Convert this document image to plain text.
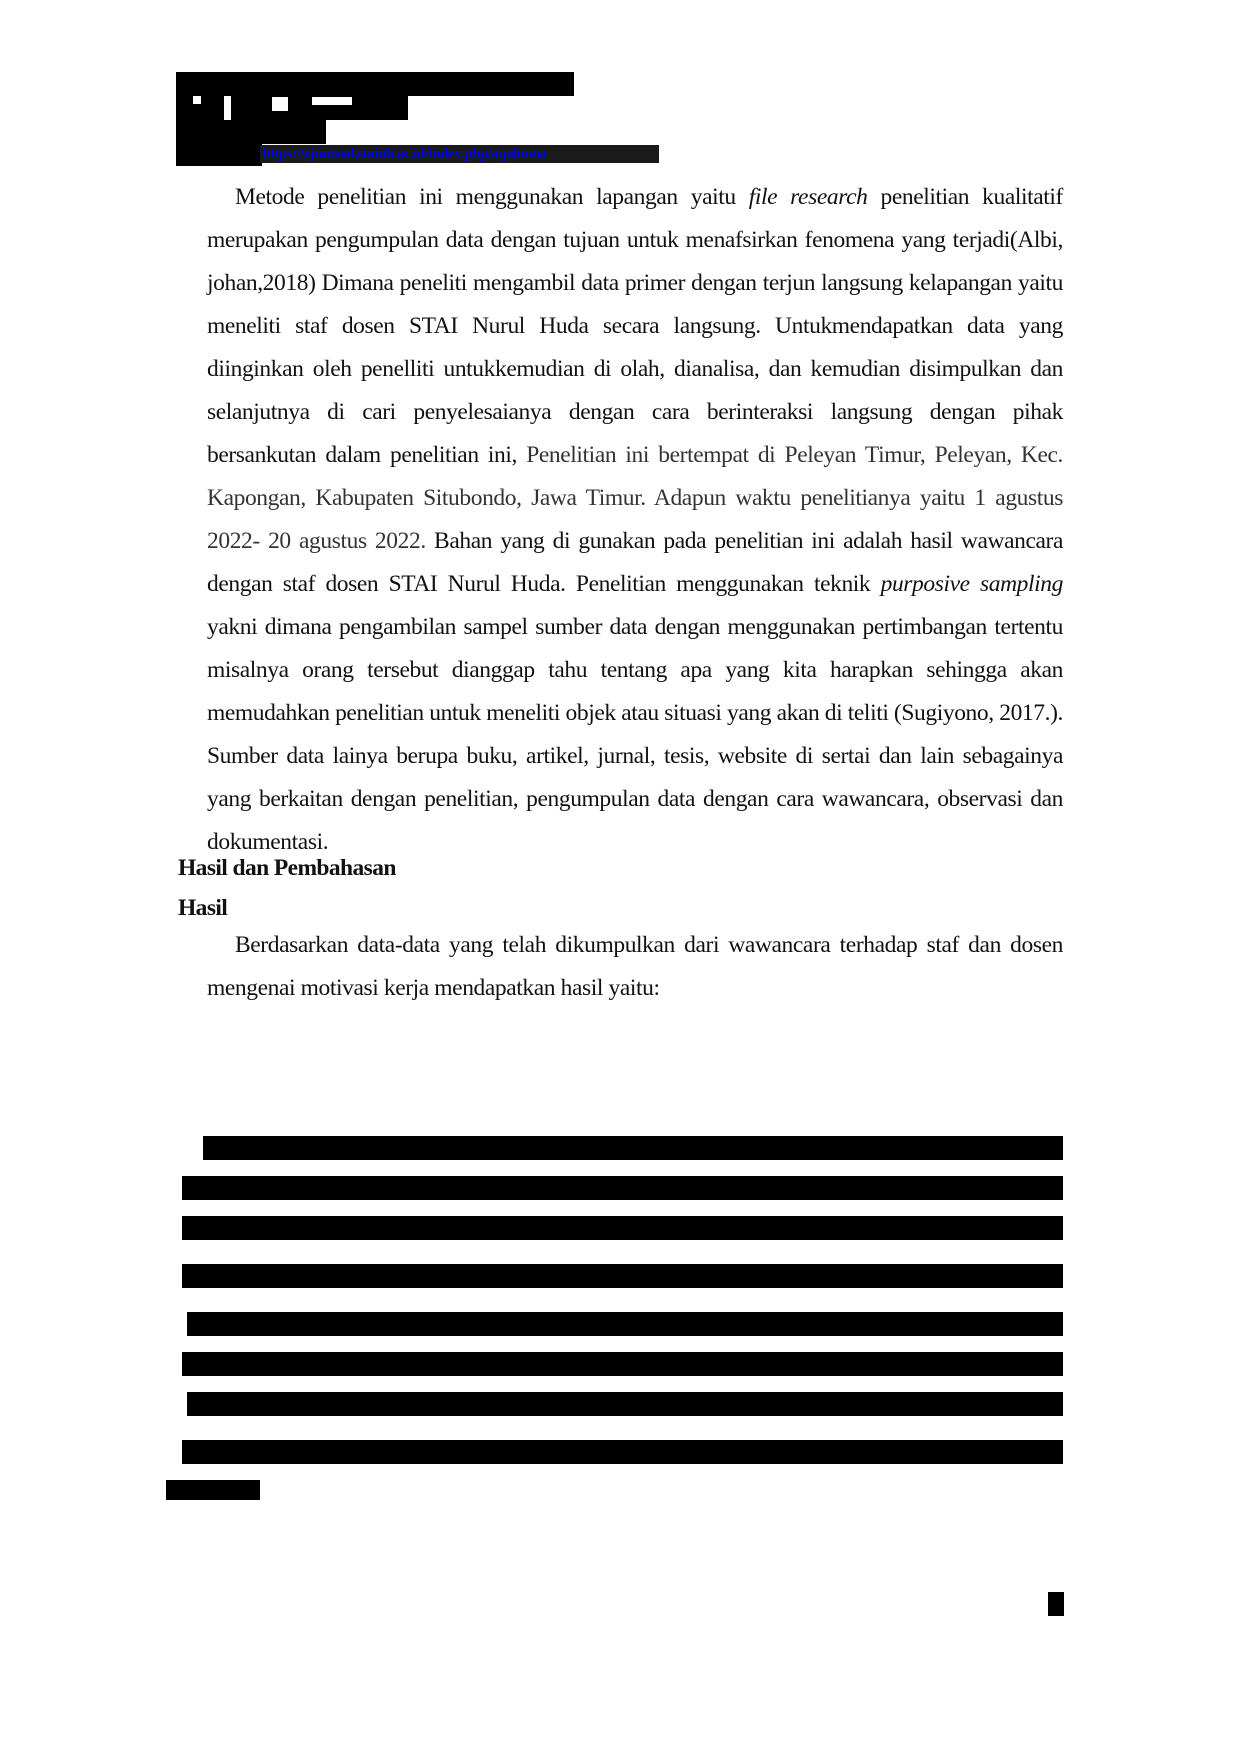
https://ejournal.staiuh.ac.id/index.php/aqalnona

Metode penelitian ini menggunakan lapangan yaitu file research penelitian kualitatif merupakan pengumpulan data dengan tujuan untuk menafsirkan fenomena yang terjadi(Albi, johan,2018) Dimana peneliti mengambil data primer dengan terjun langsung kelapangan yaitu meneliti staf dosen STAI Nurul Huda secara langsung. Untukmendapatkan data yang diinginkan oleh penelliti untukkemudian di olah, dianalisa, dan kemudian disimpulkan dan selanjutnya di cari penyelesaianya dengan cara berinteraksi langsung dengan pihak bersankutan dalam penelitian ini, Penelitian ini bertempat di Peleyan Timur, Peleyan, Kec. Kapongan, Kabupaten Situbondo, Jawa Timur. Adapun waktu penelitianya yaitu 1 agustus 2022- 20 agustus 2022. Bahan yang di gunakan pada penelitian ini adalah hasil wawancara dengan staf dosen STAI Nurul Huda. Penelitian menggunakan teknik purposive sampling yakni dimana pengambilan sampel sumber data dengan menggunakan pertimbangan tertentu misalnya orang tersebut dianggap tahu tentang apa yang kita harapkan sehingga akan memudahkan penelitian untuk meneliti objek atau situasi yang akan di teliti (Sugiyono, 2017.). Sumber data lainya berupa buku, artikel, jurnal, tesis, website di sertai dan lain sebagainya yang berkaitan dengan penelitian, pengumpulan data dengan cara wawancara, observasi dan dokumentasi.

Hasil dan Pembahasan
Hasil

Berdasarkan data-data yang telah dikumpulkan dari wawancara terhadap staf dan dosen mengenai motivasi kerja mendapatkan hasil yaitu:
